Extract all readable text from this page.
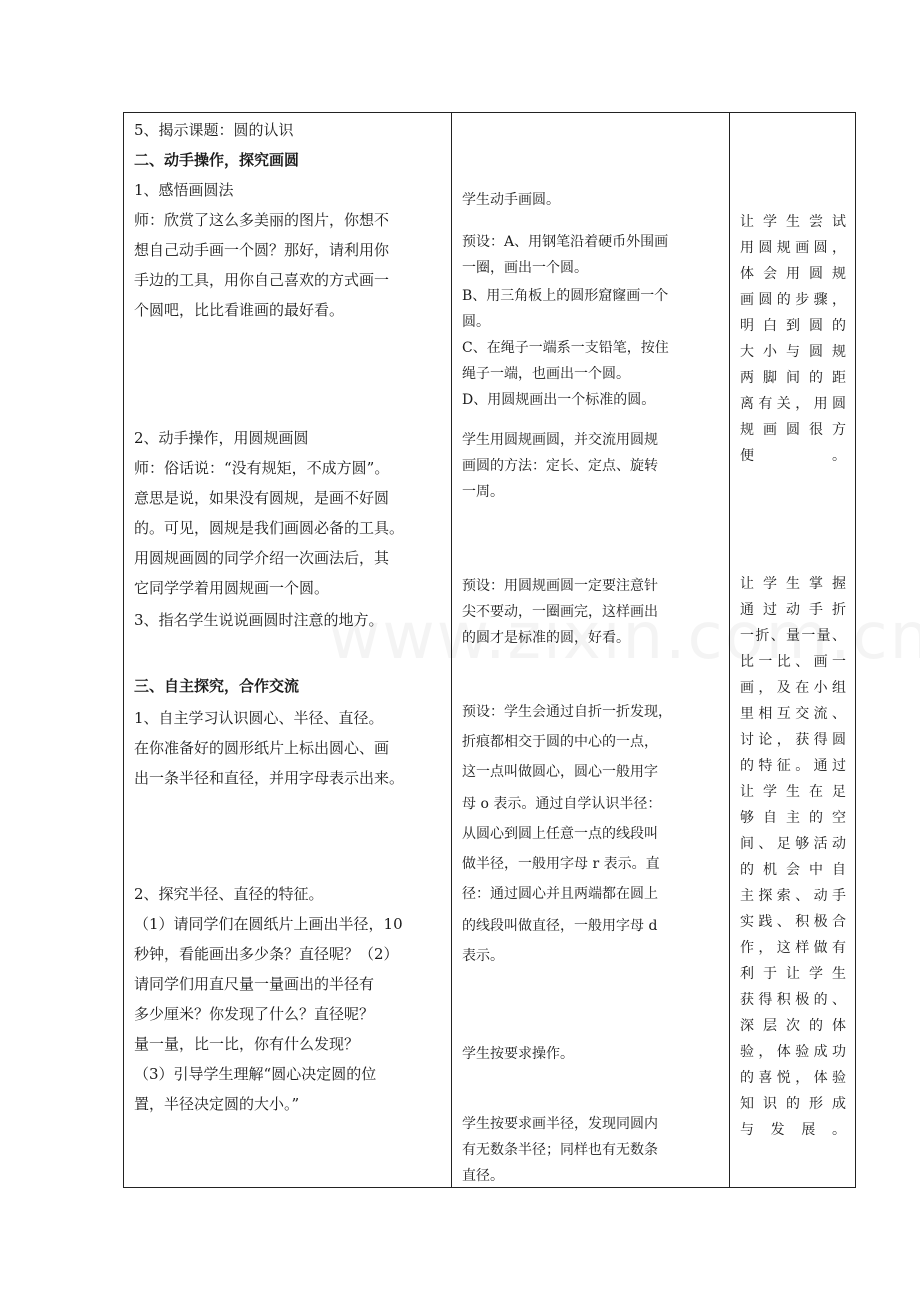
5、揭示课题：圆的认识
二、动手操作，探究画圆
1、感悟画圆法
师：欣赏了这么多美丽的图片，你想不
想自己动手画一个圆？那好，请利用你
手边的工具，用你自己喜欢的方式画一
个圆吧，比比看谁画的最好看。
2、动手操作，用圆规画圆
师：俗话说：“没有规矩，不成方圆”。
意思是说，如果没有圆规，是画不好圆
的。可见，圆规是我们画圆必备的工具。
用圆规画圆的同学介绍一次画法后，其
它同学学着用圆规画一个圆。
3、指名学生说说画圆时注意的地方。
三、自主探究，合作交流
1、自主学习认识圆心、半径、直径。
在你准备好的圆形纸片上标出圆心、画
出一条半径和直径，并用字母表示出来。
2、探究半径、直径的特征。
（1）请同学们在圆纸片上画出半径，10
秒钟，看能画出多少条？直径呢？（2）
请同学们用直尺量一量画出的半径有
多少厘米？你发现了什么？直径呢？
量一量，比一比，你有什么发现？
（3）引导学生理解“圆心决定圆的位
置，半径决定圆的大小。”

学生动手画圆。
预设：A、用钢笔沿着硬币外围画
一圈，画出一个圆。
B、用三角板上的圆形窟窿画一个
圆。
C、在绳子一端系一支铅笔，按住
绳子一端，也画出一个圆。
D、用圆规画出一个标准的圆。
学生用圆规画圆，并交流用圆规
画圆的方法：定长、定点、旋转
一周。
预设：用圆规画圆一定要注意针
尖不要动，一圈画完，这样画出
的圆才是标准的圆，好看。
预设：学生会通过自折一折发现，
折痕都相交于圆的中心的一点，
这一点叫做圆心，圆心一般用字
母 o 表示。通过自学认识半径：
从圆心到圆上任意一点的线段叫
做半径，一般用字母 r 表示。直
径：通过圆心并且两端都在圆上
的线段叫做直径，一般用字母 d
表示。
学生按要求操作。
学生按要求画半径，发现同圆内
有无数条半径；同样也有无数条
直径。

让学生尝试
用圆规画圆，
体会用圆规
画圆的步骤，
明白到圆的
大小与圆规
两脚间的距
离有关，用圆
规画圆很方
便。
让学生掌握
通过动手折
一折、量一量、
比一比、画一
画，及在小组
里相互交流、
讨论，获得圆
的特征。通过
让学生在足
够自主的空
间、足够活动
的机会中自
主探索、动手
实践、积极合
作，这样做有
利于让学生
获得积极的、
深层次的体
验，体验成功
的喜悦，体验
知识的形成
与发展。
